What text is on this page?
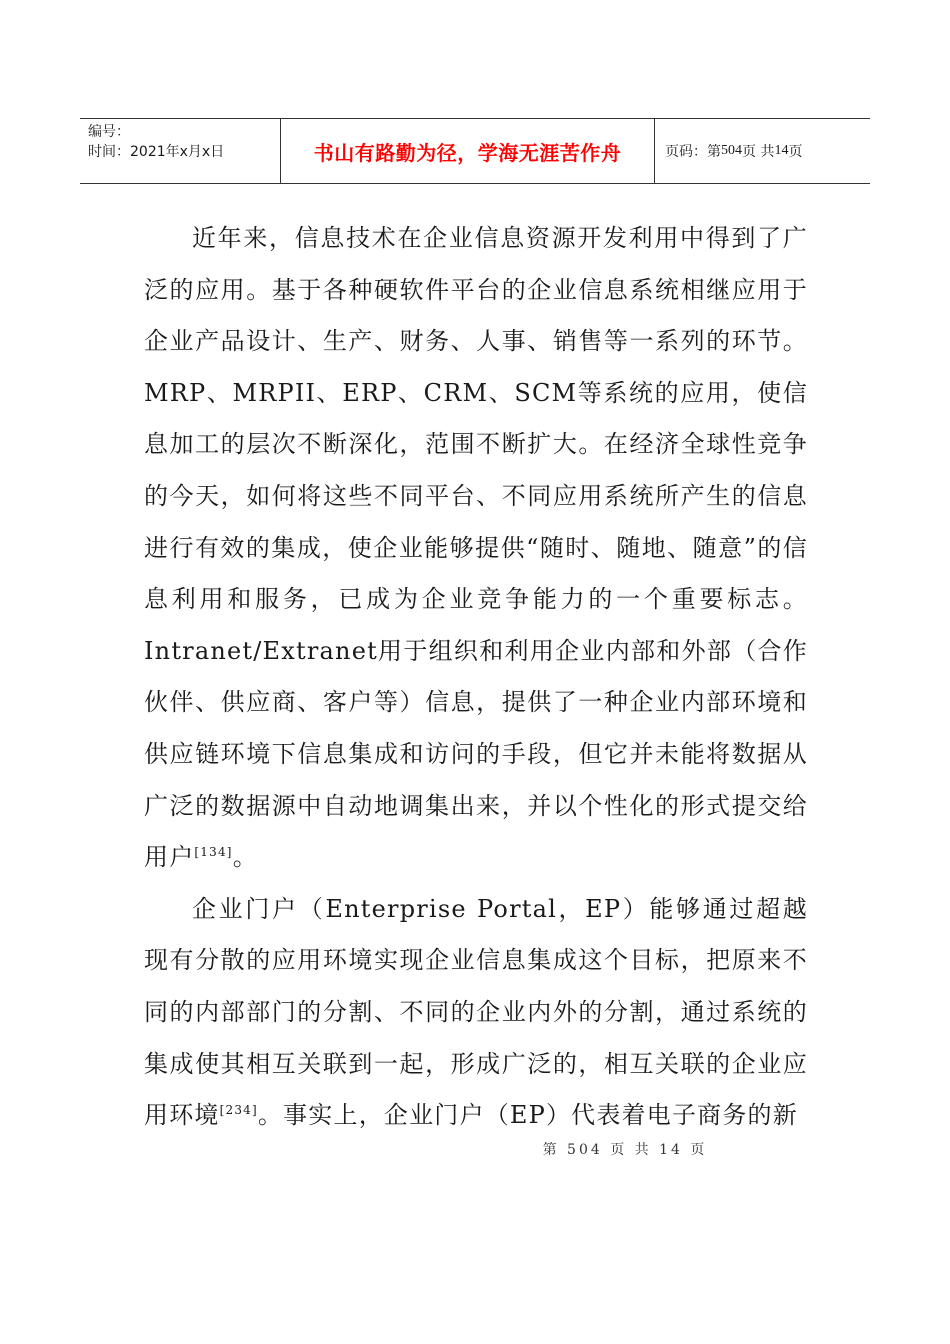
编号：
时间：2021年x月x日	书山有路勤为径，学海无涯苦作舟	页码：第 504 页 共 14 页

近年来，信息技术在企业信息资源开发利用中得到了广泛的应用。基于各种硬软件平台的企业信息系统相继应用于企业产品设计、生产、财务、人事、销售等一系列的环节。MRP、MRPII、ERP、CRM、SCM等系统的应用，使信息加工的层次不断深化，范围不断扩大。在经济全球性竞争的今天，如何将这些不同平台、不同应用系统所产生的信息进行有效的集成，使企业能够提供“随时、随地、随意”的信息利用和服务，已成为企业竞争能力的一个重要标志。Intranet/Extranet用于组织和利用企业内部和外部（合作伙伴、供应商、客户等）信息，提供了一种企业内部环境和供应链环境下信息集成和访问的手段，但它并未能将数据从广泛的数据源中自动地调集出来，并以个性化的形式提交给用户[134]。

企业门户（Enterprise Portal，EP）能够通过超越现有分散的应用环境实现企业信息集成这个目标，把原来不同的内部部门的分割、不同的企业内外的分割，通过系统的集成使其相互关联到一起，形成广泛的，相互关联的企业应用环境[234]。事实上，企业门户（EP）代表着电子商务的新

第 504 页 共 14 页
